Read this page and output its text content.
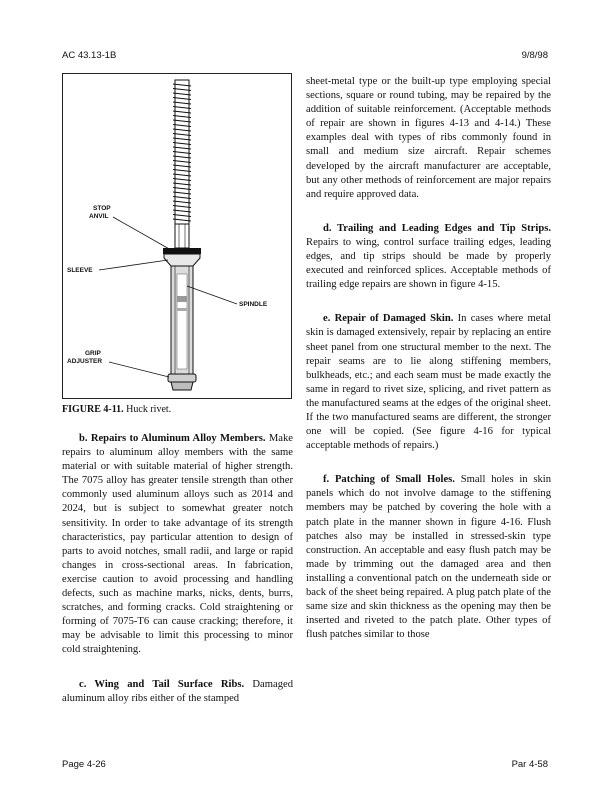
AC 43.13-1B	9/8/98
STOP
ANVIL
SLEEVE
SPINDLE
GRIP
ADJUSTER
FIGURE 4-11. Huck rivet.

b. Repairs to Aluminum Alloy Members. Make repairs to aluminum alloy members with the same material or with suitable material of higher strength. The 7075 alloy has greater tensile strength than other commonly used aluminum alloys such as 2014 and 2024, but is subject to somewhat greater notch sensitivity. In order to take advantage of its strength characteristics, pay particular attention to design of parts to avoid notches, small radii, and large or rapid changes in cross-sectional areas. In fabrication, exercise caution to avoid processing and handling defects, such as machine marks, nicks, dents, burrs, scratches, and forming cracks. Cold straightening or forming of 7075-T6 can cause cracking; therefore, it may be advisable to limit this processing to minor cold straightening.

c. Wing and Tail Surface Ribs. Damaged aluminum alloy ribs either of the stamped

sheet-metal type or the built-up type employing special sections, square or round tubing, may be repaired by the addition of suitable reinforcement. (Acceptable methods of repair are shown in figures 4-13 and 4-14.) These examples deal with types of ribs commonly found in small and medium size aircraft. Repair schemes developed by the aircraft manufacturer are acceptable, but any other methods of reinforcement are major repairs and require approved data.

d. Trailing and Leading Edges and Tip Strips. Repairs to wing, control surface trailing edges, leading edges, and tip strips should be made by properly executed and reinforced splices. Acceptable methods of trailing edge repairs are shown in figure 4-15.

e. Repair of Damaged Skin. In cases where metal skin is damaged extensively, repair by replacing an entire sheet panel from one structural member to the next. The repair seams are to lie along stiffening members, bulkheads, etc.; and each seam must be made exactly the same in regard to rivet size, splicing, and rivet pattern as the manufactured seams at the edges of the original sheet. If the two manufactured seams are different, the stronger one will be copied. (See figure 4-16 for typical acceptable methods of repairs.)

f. Patching of Small Holes. Small holes in skin panels which do not involve damage to the stiffening members may be patched by covering the hole with a patch plate in the manner shown in figure 4-16. Flush patches also may be installed in stressed-skin type construction. An acceptable and easy flush patch may be made by trimming out the damaged area and then installing a conventional patch on the underneath side or back of the sheet being repaired. A plug patch plate of the same size and skin thickness as the opening may then be inserted and riveted to the patch plate. Other types of flush patches similar to those

Page 4-26	Par 4-58
